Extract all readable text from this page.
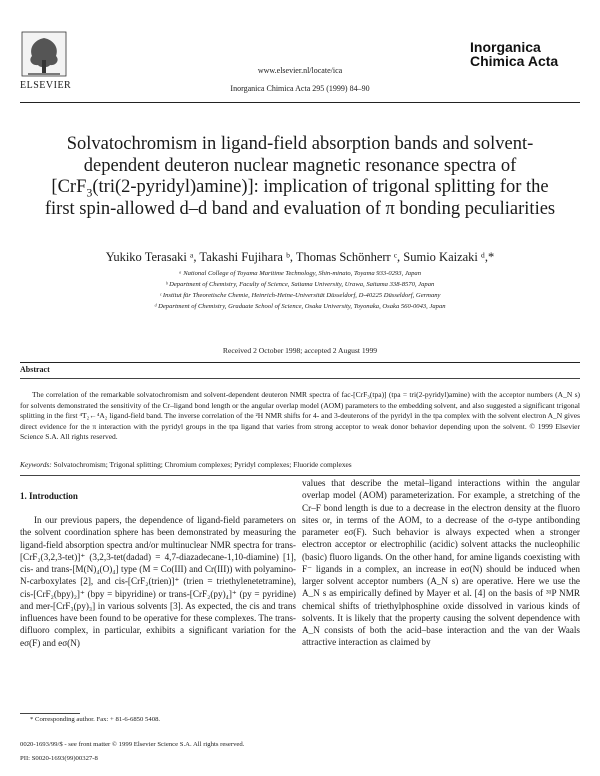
ELSEVIER
www.elsevier.nl/locate/ica
Inorganica Chimica Acta 295 (1999) 84–90
Inorganica
Chimica Acta
Solvatochromism in ligand-field absorption bands and solvent-dependent deuteron nuclear magnetic resonance spectra of [CrF$_3$(tri(2-pyridyl)amine)]: implication of trigonal splitting for the first spin-allowed d–d band and evaluation of π bonding peculiarities
Yukiko Terasaki ᵃ, Takashi Fujihara ᵇ, Thomas Schönherr ᶜ, Sumio Kaizaki ᵈ,*
ᵃ National College of Toyama Maritime Technology, Shin-minato, Toyama 933-0293, Japan
ᵇ Department of Chemistry, Faculty of Science, Saitama University, Urawa, Saitama 338-8570, Japan
ᶜ Institut für Theoretische Chemie, Heinrich-Heine-Universität Düsseldorf, D-40225 Düsseldorf, Germany
ᵈ Department of Chemistry, Graduate School of Science, Osaka University, Toyonaka, Osaka 560-0043, Japan
Received 2 October 1998; accepted 2 August 1999
Abstract
The correlation of the remarkable solvatochromism and solvent-dependent deuteron NMR spectra of fac-[CrF₃(tpa)] (tpa = tri(2-pyridyl)amine) with the acceptor numbers (A_N s) for solvents demonstrated the sensitivity of the Cr–ligand bond length or the angular overlap model (AOM) parameters to the embedding solvent, and also suggested a significant trigonal splitting in the first ⁴T₂←⁴A₂ ligand-field band. The inverse correlation of the ²H NMR shifts for 4- and 3-deuterons of the pyridyl in the tpa complex with the solvent electron A_N gives direct evidence for the π interaction with the pyridyl groups in the tpa ligand that varies from strong acceptor to weak donor behavior depending upon the solvent. © 1999 Elsevier Science S.A. All rights reserved.
Keywords: Solvatochromism; Trigonal splitting; Chromium complexes; Pyridyl complexes; Fluoride complexes
1. Introduction
In our previous papers, the dependence of ligand-field parameters on the solvent coordination sphere has been demonstrated by measuring the ligand-field absorption spectra and/or multinuclear NMR spectra for trans-[CrF₂(3,2,3-tet)]⁺ (3,2,3-tet(dadad) = 4,7-diazadecane-1,10-diamine) [1], cis- and trans-[M(N)₄(O)₄] type (M = Co(III) and Cr(III)) with polyamino-N-carboxylates [2], and cis-[CrF₂(trien)]⁺ (trien = triethylenetetramine), cis-[CrF₂(bpy)₂]⁺ (bpy = bipyridine) or trans-[CrF₂(py)₄]⁺ (py = pyridine) and mer-[CrF₃(py)₃] in various solvents [3]. As expected, the cis and trans influences have been found to be operative for these complexes. The trans-difluoro complex, in particular, exhibits a significant variation for the eσ(F) and eσ(N)
values that describe the metal–ligand interactions within the angular overlap model (AOM) parameterization. For example, a stretching of the Cr–F bond length is due to a decrease in the electron density at the fluoro sites or, in terms of the AOM, to a decrease of the σ-type antibonding parameter eσ(F). Such behavior is always expected when a stronger electron acceptor or electrophilic (acidic) solvent attacks the nucleophilic (basic) fluoro ligands. On the other hand, for amine ligands coexisting with F⁻ ligands in a complex, an increase in eσ(N) should be induced when larger solvent acceptor numbers (A_N s) are operative. Here we use the A_N s as empirically defined by Mayer et al. [4] on the basis of ³¹P NMR chemical shifts of triethylphosphine oxide dissolved in various kinds of solvents. It is likely that the property causing the solvent dependence with A_N consists of both the acid–base interaction and the van der Waals attractive interaction as claimed by
* Corresponding author. Fax: + 81-6-6850 5408.
0020-1693/99/$ - see front matter © 1999 Elsevier Science S.A. All rights reserved.
PII: S0020-1693(99)00327-8
